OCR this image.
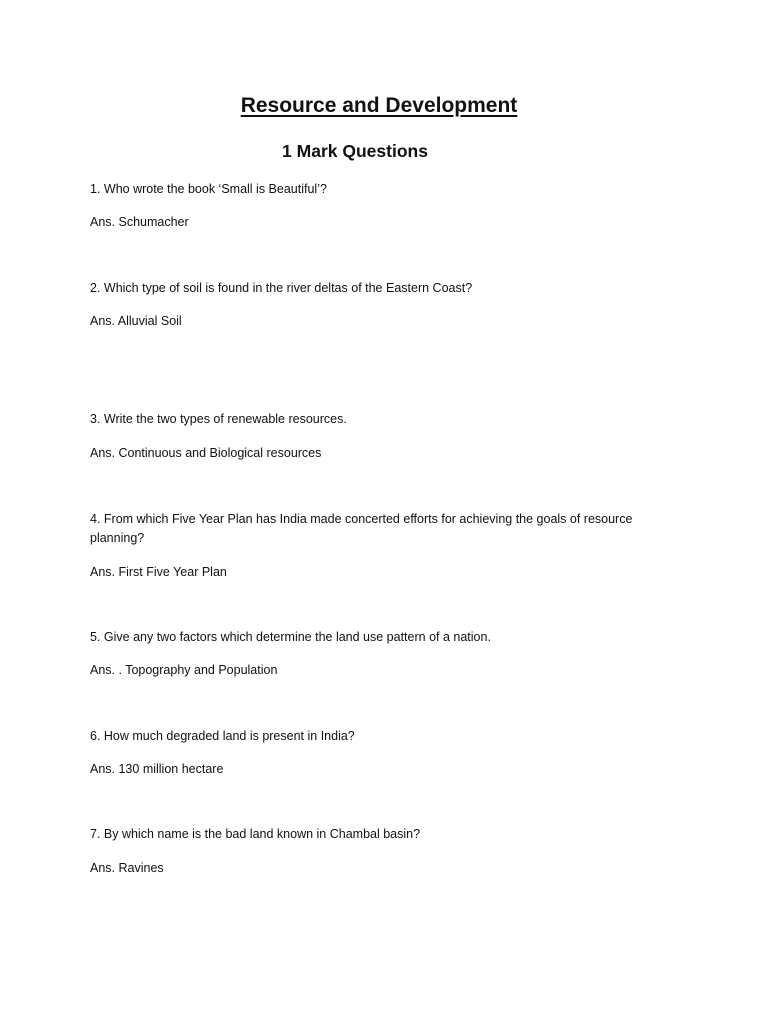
Resource and Development
1 Mark Questions

1. Who wrote the book ‘Small is Beautiful’?

Ans. Schumacher

2. Which type of soil is found in the river deltas of the Eastern Coast?

Ans. Alluvial Soil

3. Write the two types of renewable resources.

Ans. Continuous and Biological resources

4. From which Five Year Plan has India made concerted efforts for achieving the goals of resource planning?

Ans. First Five Year Plan

5. Give any two factors which determine the land use pattern of a nation.

Ans. . Topography and Population

6. How much degraded land is present in India?

Ans. 130 million hectare

7. By which name is the bad land known in Chambal basin?

Ans. Ravines
